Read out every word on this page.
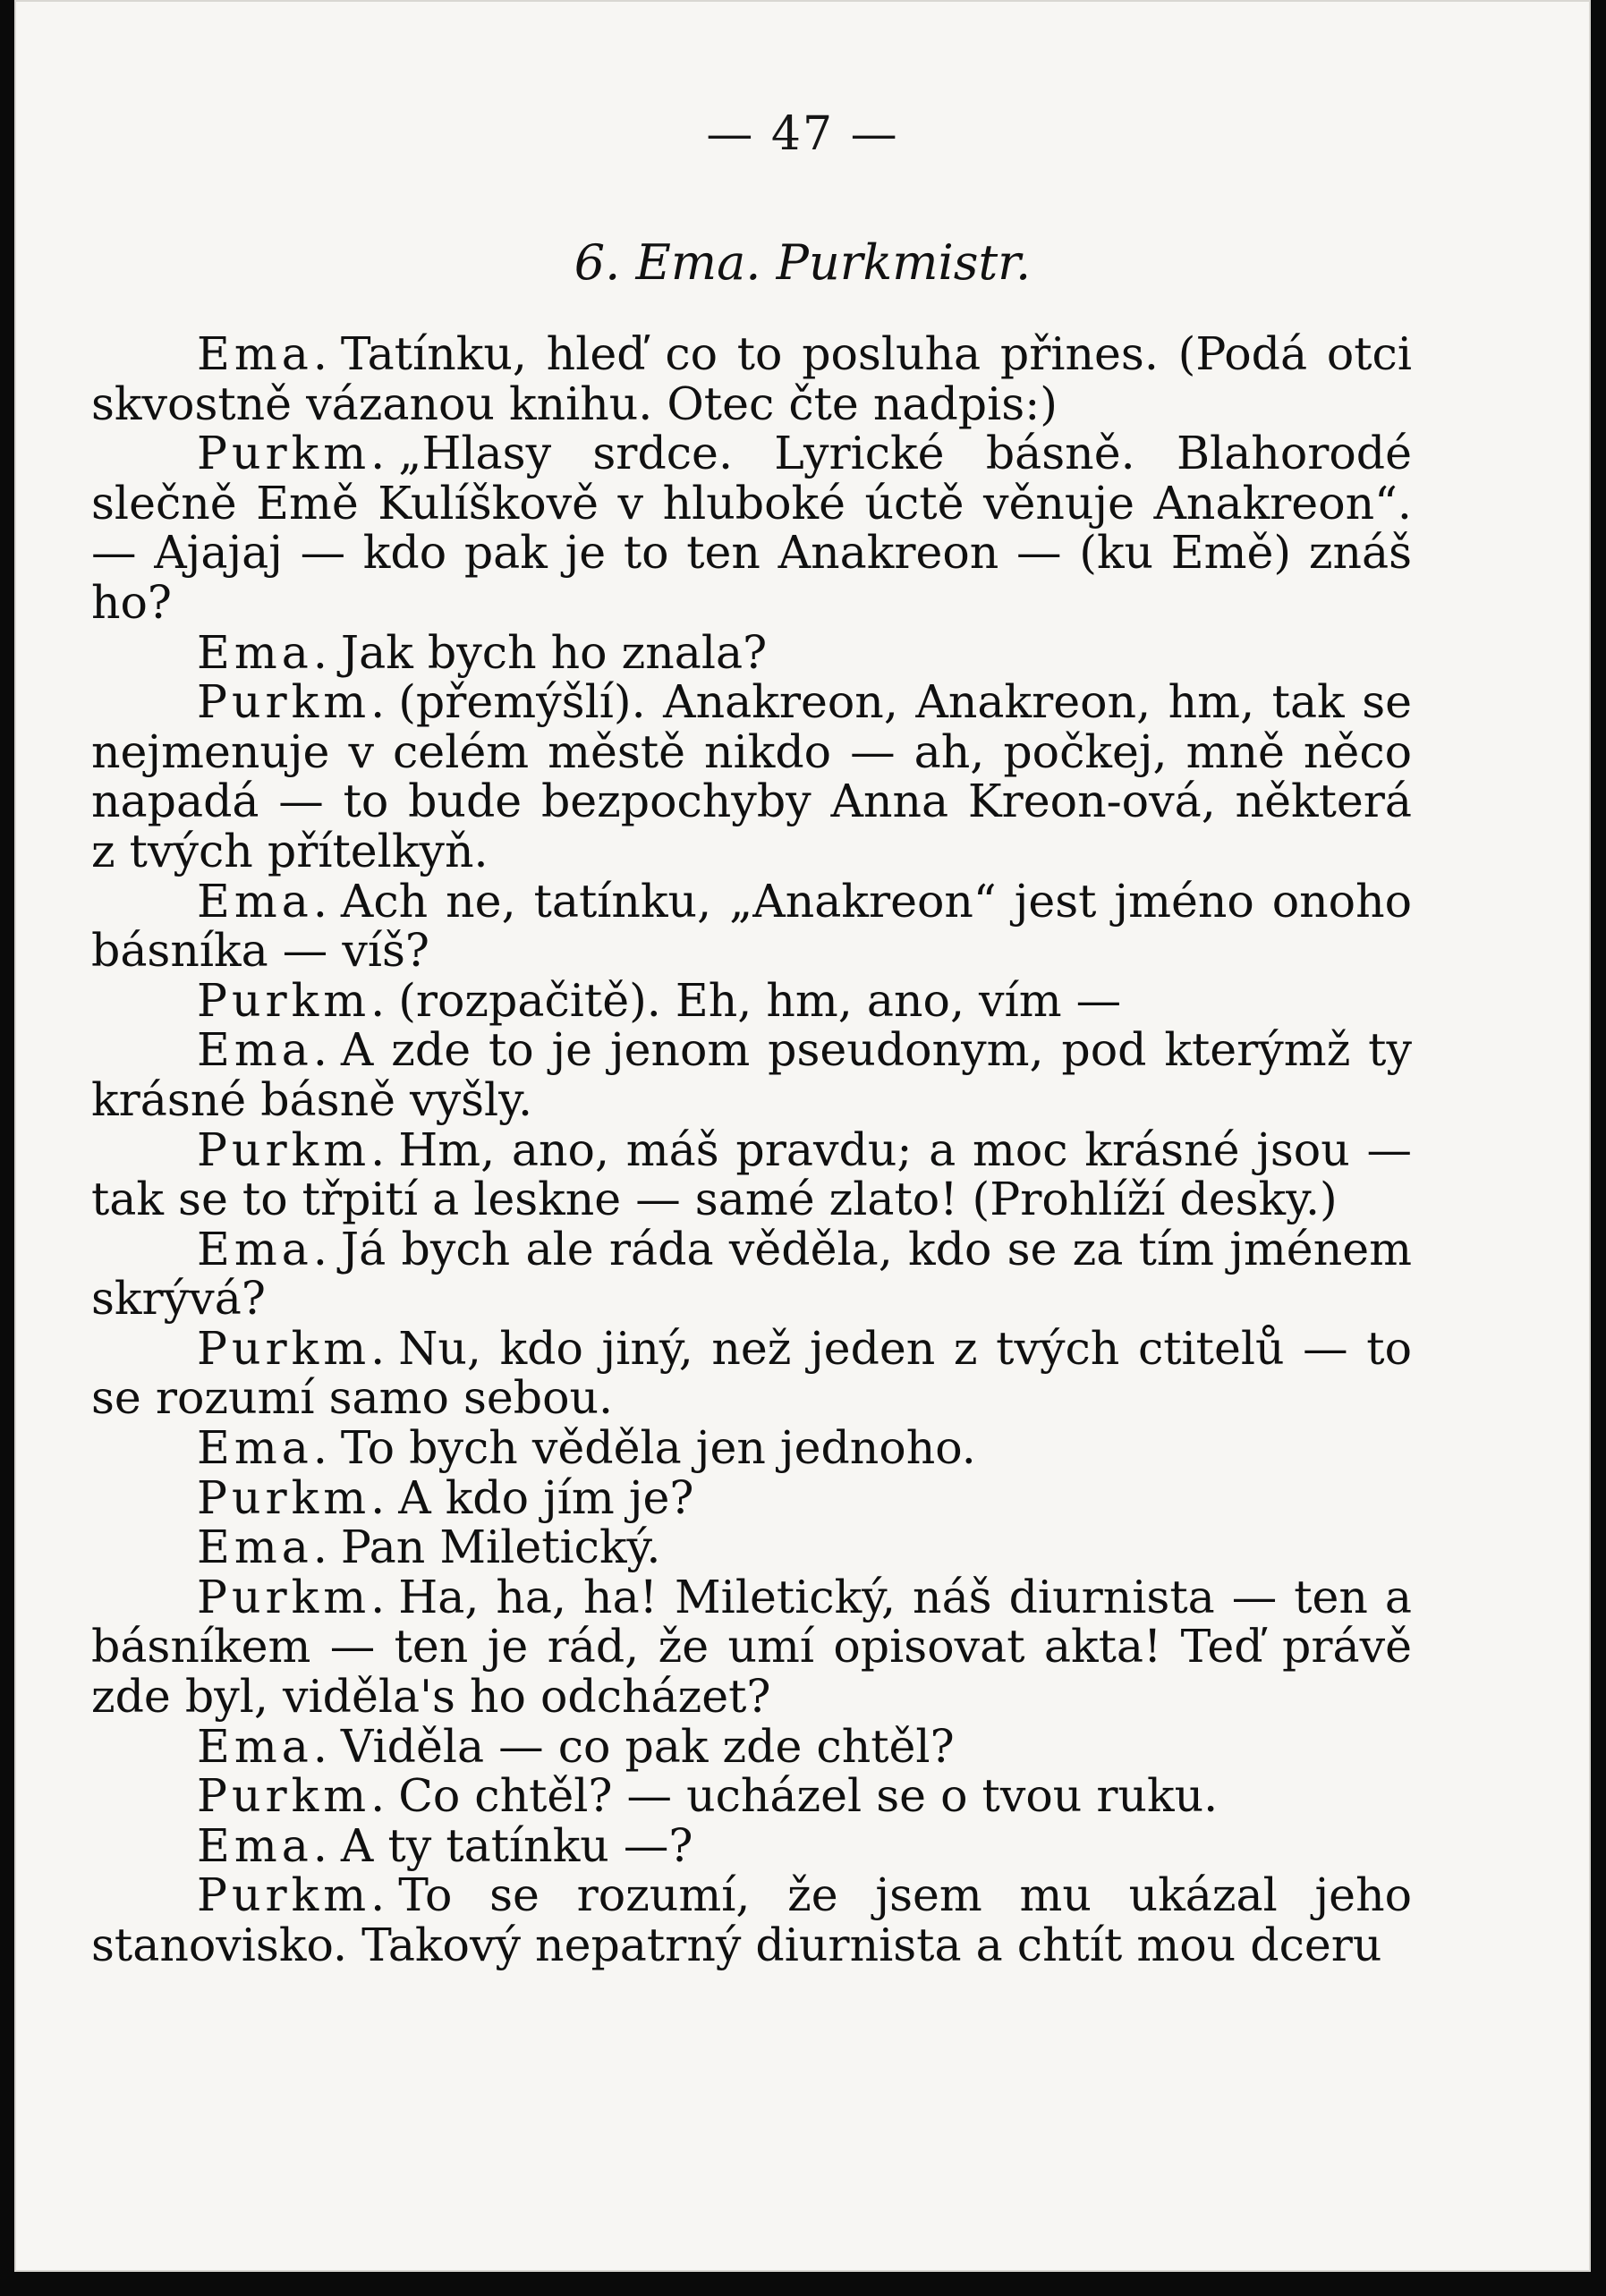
— 47 —
6. Ema. Purkmistr.

Ema. Tatínku, hleď co to posluha přines. (Podá otci skvostně vázanou knihu. Otec čte nadpis:)

Purkm. „Hlasy srdce. Lyrické básně. Blahorodé slečně Emě Kulíškově v hluboké úctě věnuje Anakreon“. — Ajajaj — kdo pak je to ten Anakreon — (ku Emě) znáš ho?

Ema. Jak bych ho znala?

Purkm. (přemýšlí). Anakreon, Anakreon, hm, tak se nejmenuje v celém městě nikdo — ah, počkej, mně něco napadá — to bude bezpochyby Anna Kreon-ová, některá z tvých přítelkyň.

Ema. Ach ne, tatínku, „Anakreon“ jest jméno onoho básníka — víš?

Purkm. (rozpačitě). Eh, hm, ano, vím —

Ema. A zde to je jenom pseudonym, pod kterýmž ty krásné básně vyšly.

Purkm. Hm, ano, máš pravdu; a moc krásné jsou — tak se to třpití a leskne — samé zlato! (Prohlíží desky.)

Ema. Já bych ale ráda věděla, kdo se za tím jménem skrývá?

Purkm. Nu, kdo jiný, než jeden z tvých ctitelů — to se rozumí samo sebou.

Ema. To bych věděla jen jednoho.

Purkm. A kdo jím je?

Ema. Pan Miletický.

Purkm. Ha, ha, ha! Miletický, náš diurnista — ten a básníkem — ten je rád, že umí opisovat akta! Teď právě zde byl, viděla's ho odcházet?

Ema. Viděla — co pak zde chtěl?

Purkm. Co chtěl? — ucházel se o tvou ruku.

Ema. A ty tatínku —?

Purkm. To se rozumí, že jsem mu ukázal jeho stanovisko. Takový nepatrný diurnista a chtít mou dceru
